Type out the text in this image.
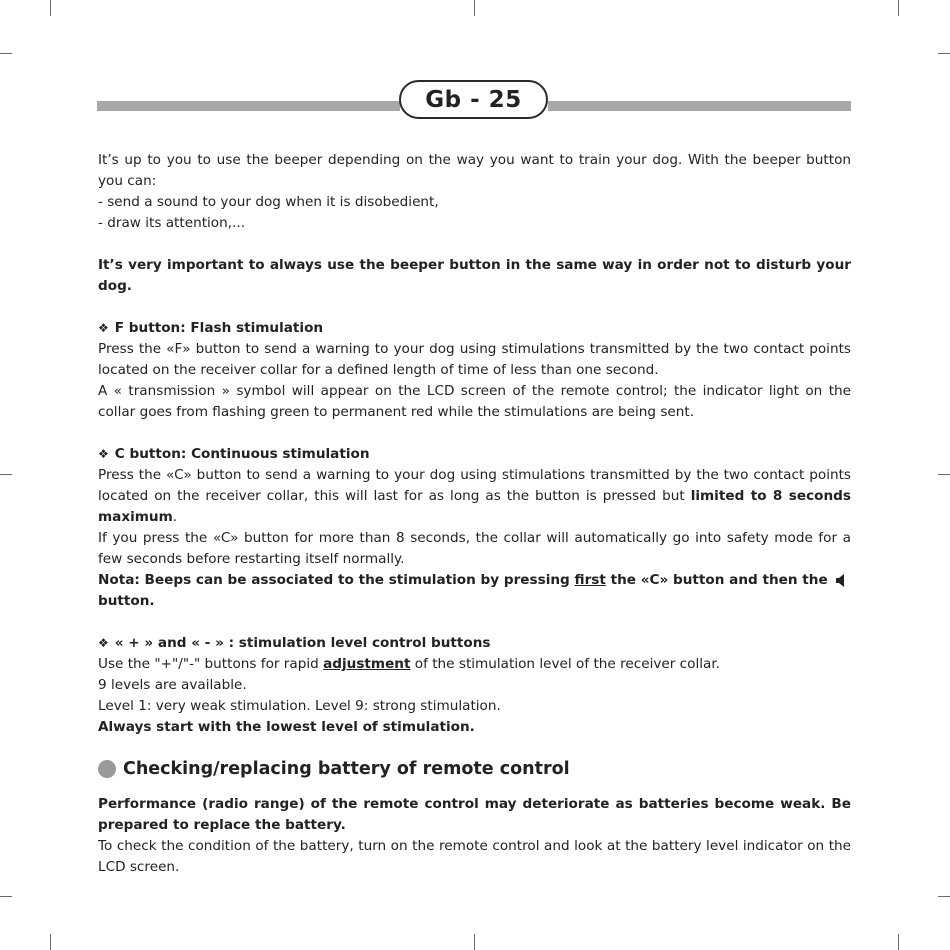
Gb - 25

It’s up to you to use the beeper depending on the way you want to train your dog. With the beeper button you can:

- send a sound to your dog when it is disobedient,

- draw its attention,...

It’s very important to always use the beeper button in the same way in order not to disturb your dog.

❖ F button: Flash stimulation

Press the «F» button to send a warning to your dog using stimulations transmitted by the two contact points located on the receiver collar for a defined length of time of less than one second.

A « transmission » symbol will appear on the LCD screen of the remote control; the indicator light on the collar goes from flashing green to permanent red while the stimulations are being sent.

❖ C button: Continuous stimulation

Press the «C» button to send a warning to your dog using stimulations transmitted by the two contact points located on the receiver collar, this will last for as long as the button is pressed but limited to 8 seconds maximum.

If you press the «C» button for more than 8 seconds, the collar will automatically go into safety mode for a few seconds before restarting itself normally.

Nota: Beeps can be associated to the stimulation by pressing first the «C» button and then the  button.

❖ « + » and « - » : stimulation level control buttons

Use the "+"/"-" buttons for rapid adjustment of the stimulation level of the receiver collar.

9 levels are available.

Level 1: very weak stimulation. Level 9: strong stimulation.

Always start with the lowest level of stimulation.

Checking/replacing battery of remote control

Performance (radio range) of the remote control may deteriorate as batteries become weak. Be prepared to replace the battery.

To check the condition of the battery, turn on the remote control and look at the battery level indicator on the LCD screen.
